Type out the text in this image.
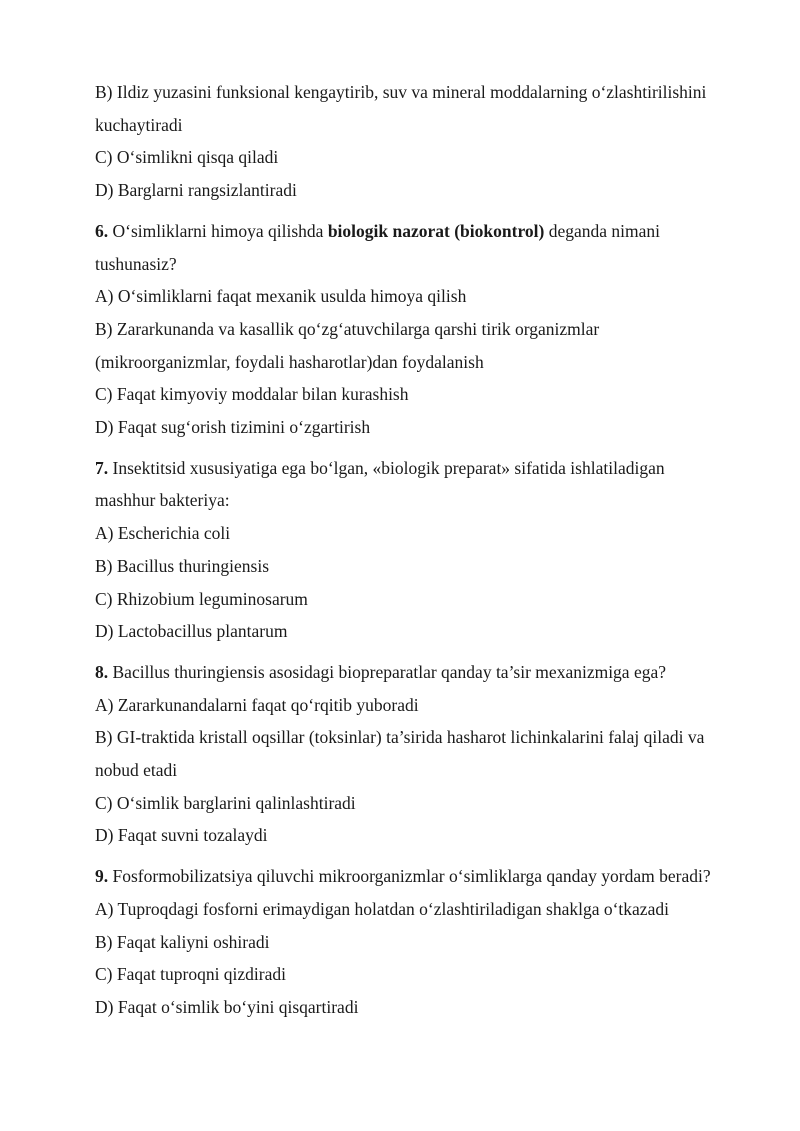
B) Ildiz yuzasini funksional kengaytirib, suv va mineral moddalarning o‘zlashtirilishini
kuchaytiradi
C) O‘simlikni qisqa qiladi
D) Barglarni rangsizlantiradi
6. O‘simliklarni himoya qilishda biologik nazorat (biokontrol) deganda nimani
tushunasiz?
A) O‘simliklarni faqat mexanik usulda himoya qilish
B) Zararkunanda va kasallik qo‘zg‘atuvchilarga qarshi tirik organizmlar
(mikroorganizmlar, foydali hasharotlar)dan foydalanish
C) Faqat kimyoviy moddalar bilan kurashish
D) Faqat sug‘orish tizimini o‘zgartirish
7. Insektitsid xususiyatiga ega bo‘lgan, «biologik preparat» sifatida ishlatiladigan
mashhur bakteriya:
A) Escherichia coli
B) Bacillus thuringiensis
C) Rhizobium leguminosarum
D) Lactobacillus plantarum
8. Bacillus thuringiensis asosidagi biopreparatlar qanday ta’sir mexanizmiga ega?
A) Zararkunandalarni faqat qo‘rqitib yuboradi
B) GI-traktida kristall oqsillar (toksinlar) ta’sirida hasharot lichinkalarini falaj qiladi va
nobud etadi
C) O‘simlik barglarini qalinlashtiradi
D) Faqat suvni tozalaydi
9. Fosformobilizatsiya qiluvchi mikroorganizmlar o‘simliklarga qanday yordam beradi?
A) Tuproqdagi fosforni erimaydigan holatdan o‘zlashtiriladigan shaklga o‘tkazadi
B) Faqat kaliyni oshiradi
C) Faqat tuproqni qizdiradi
D) Faqat o‘simlik bo‘yini qisqartiradi
